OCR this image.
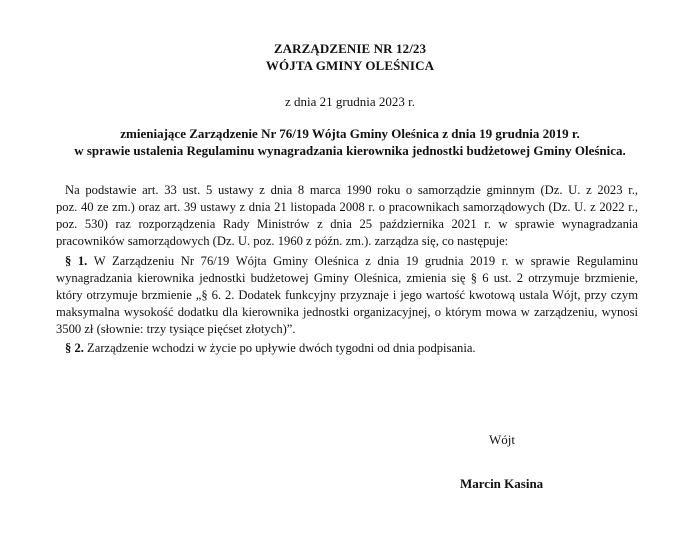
ZARZĄDZENIE NR 12/23
WÓJTA GMINY OLEŚNICA
z dnia 21 grudnia 2023 r.
zmieniające Zarządzenie Nr 76/19 Wójta Gminy Oleśnica z dnia 19 grudnia 2019 r.
w sprawie ustalenia Regulaminu wynagradzania kierownika jednostki budżetowej Gminy Oleśnica.
Na podstawie art. 33 ust. 5 ustawy z dnia 8 marca 1990 roku o samorządzie gminnym (Dz. U. z 2023 r.,
poz. 40 ze zm.) oraz art. 39 ustawy z dnia 21 listopada 2008 r. o pracownikach samorządowych (Dz. U. z 2022 r.,
poz. 530) raz rozporządzenia Rady Ministrów z dnia 25 października 2021 r. w sprawie wynagradzania
pracowników samorządowych (Dz. U. poz. 1960 z późn. zm.). zarządza się, co następuje:
§ 1. W Zarządzeniu Nr 76/19 Wójta Gminy Oleśnica z dnia 19 grudnia 2019 r. w sprawie Regulaminu
wynagradzania kierownika jednostki budżetowej Gminy Oleśnica, zmienia się § 6 ust. 2 otrzymuje brzmienie,
który otrzymuje brzmienie „§ 6. 2. Dodatek funkcyjny przyznaje i jego wartość kwotową ustala Wójt, przy czym
maksymalna wysokość dodatku dla kierownika jednostki organizacyjnej, o którym mowa w zarządzeniu, wynosi
3500 zł (słownie: trzy tysiące pięćset złotych)”.
§ 2. Zarządzenie wchodzi w życie po upływie dwóch tygodni od dnia podpisania.
Wójt
Marcin Kasina
